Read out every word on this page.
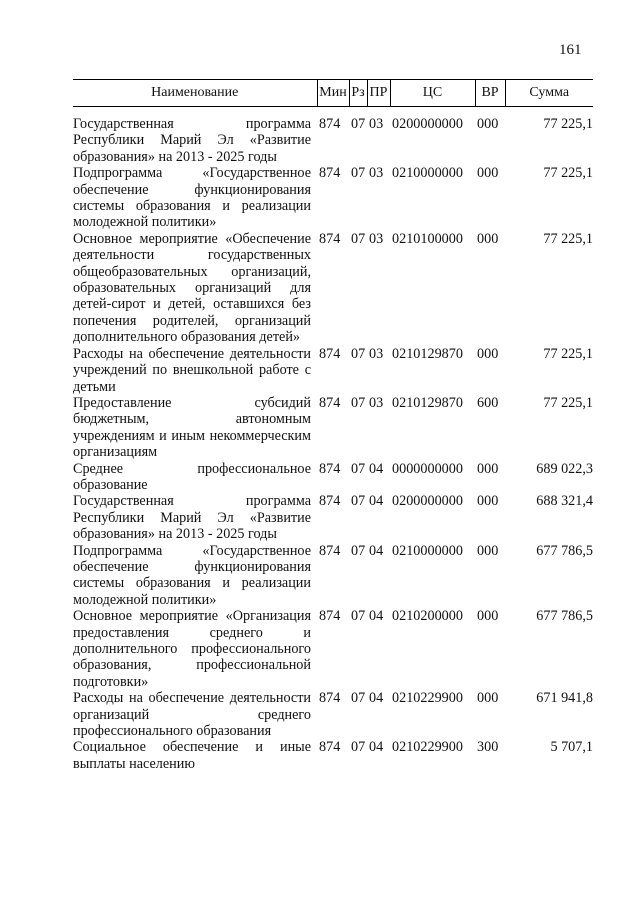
161
Наименование	Мин	Рз	ПР	ЦС	ВР	Сумма

Государственная программа Республики Марий Эл «Развитие образования» на 2013 - 2025 годы	874	07	03	0200000000	000	77 225,1
Подпрограмма «Государственное обеспечение функционирования системы образования и реализации молодежной политики»	874	07	03	0210000000	000	77 225,1
Основное мероприятие «Обеспечение деятельности государственных общеобразовательных организаций, образовательных организаций для детей-сирот и детей, оставшихся без попечения родителей, организаций дополнительного образования детей»	874	07	03	0210100000	000	77 225,1
Расходы на обеспечение деятельности учреждений по внешкольной работе с детьми	874	07	03	0210129870	000	77 225,1
Предоставление субсидий бюджетным, автономным учреждениям и иным некоммерческим организациям	874	07	03	0210129870	600	77 225,1
Среднее профессиональное образование	874	07	04	0000000000	000	689 022,3
Государственная программа Республики Марий Эл «Развитие образования» на 2013 - 2025 годы	874	07	04	0200000000	000	688 321,4
Подпрограмма «Государственное обеспечение функционирования системы образования и реализации молодежной политики»	874	07	04	0210000000	000	677 786,5
Основное мероприятие «Организация предоставления среднего и дополнительного профессионального образования, профессиональной подготовки»	874	07	04	0210200000	000	677 786,5
Расходы на обеспечение деятельности организаций среднего профессионального образования	874	07	04	0210229900	000	671 941,8
Социальное обеспечение и иные выплаты населению	874	07	04	0210229900	300	5 707,1
